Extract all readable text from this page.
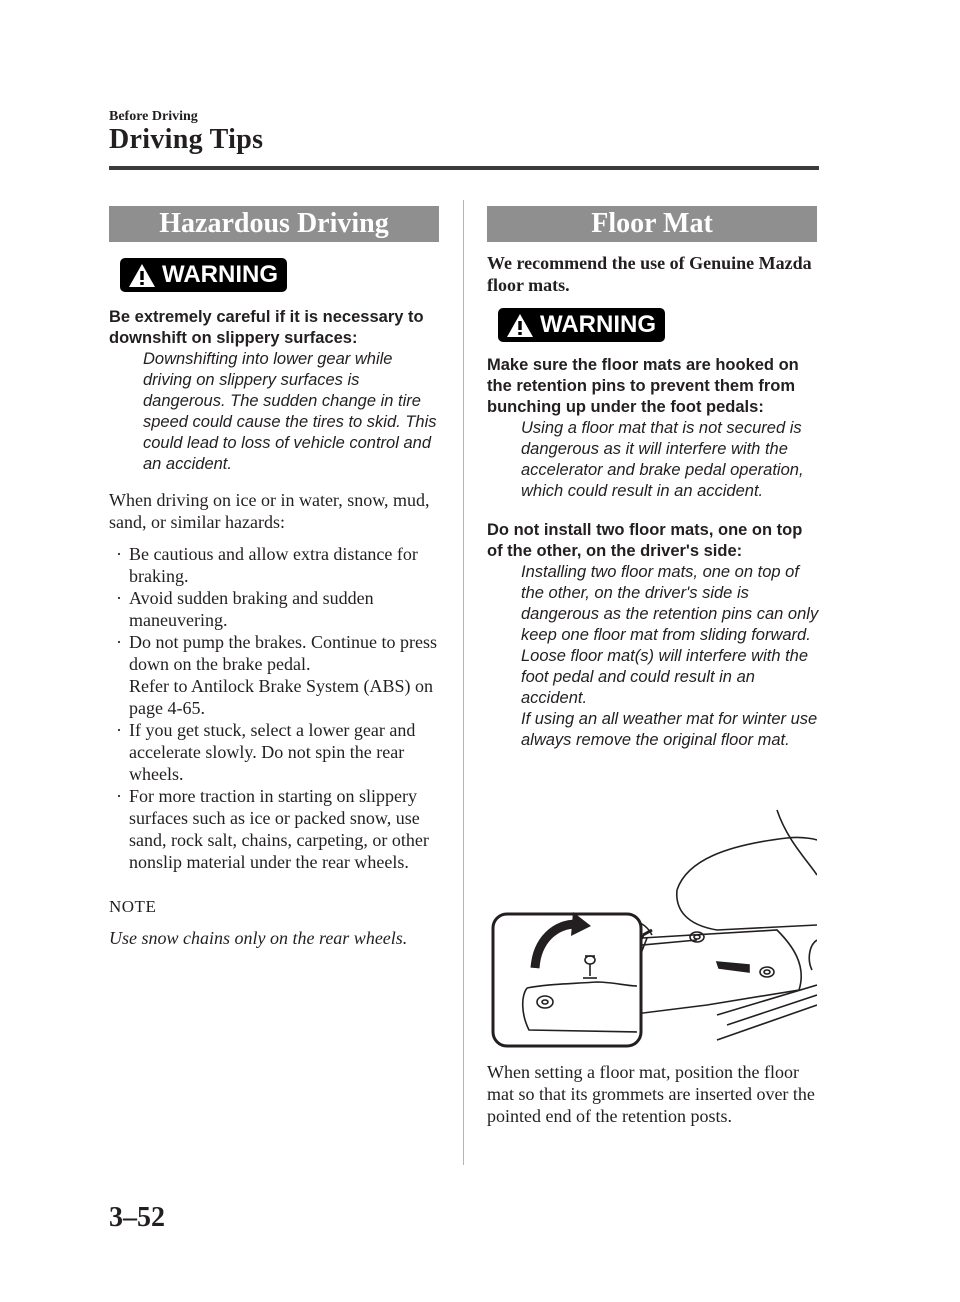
Before Driving
Driving Tips
Hazardous Driving
WARNING
Be extremely careful if it is necessary to downshift on slippery surfaces:
Downshifting into lower gear while driving on slippery surfaces is dangerous. The sudden change in tire speed could cause the tires to skid. This could lead to loss of vehicle control and an accident.
When driving on ice or in water, snow, mud, sand, or similar hazards:
· Be cautious and allow extra distance for braking.
· Avoid sudden braking and sudden maneuvering.
· Do not pump the brakes. Continue to press down on the brake pedal.
Refer to Antilock Brake System (ABS) on page 4-65.
· If you get stuck, select a lower gear and accelerate slowly. Do not spin the rear wheels.
· For more traction in starting on slippery surfaces such as ice or packed snow, use sand, rock salt, chains, carpeting, or other nonslip material under the rear wheels.
NOTE
Use snow chains only on the rear wheels.
Floor Mat
We recommend the use of Genuine Mazda floor mats.
WARNING
Make sure the floor mats are hooked on the retention pins to prevent them from bunching up under the foot pedals:
Using a floor mat that is not secured is dangerous as it will interfere with the accelerator and brake pedal operation, which could result in an accident.
Do not install two floor mats, one on top of the other, on the driver's side:
Installing two floor mats, one on top of the other, on the driver's side is dangerous as the retention pins can only keep one floor mat from sliding forward.
Loose floor mat(s) will interfere with the foot pedal and could result in an accident.
If using an all weather mat for winter use always remove the original floor mat.
When setting a floor mat, position the floor mat so that its grommets are inserted over the pointed end of the retention posts.
3–52
